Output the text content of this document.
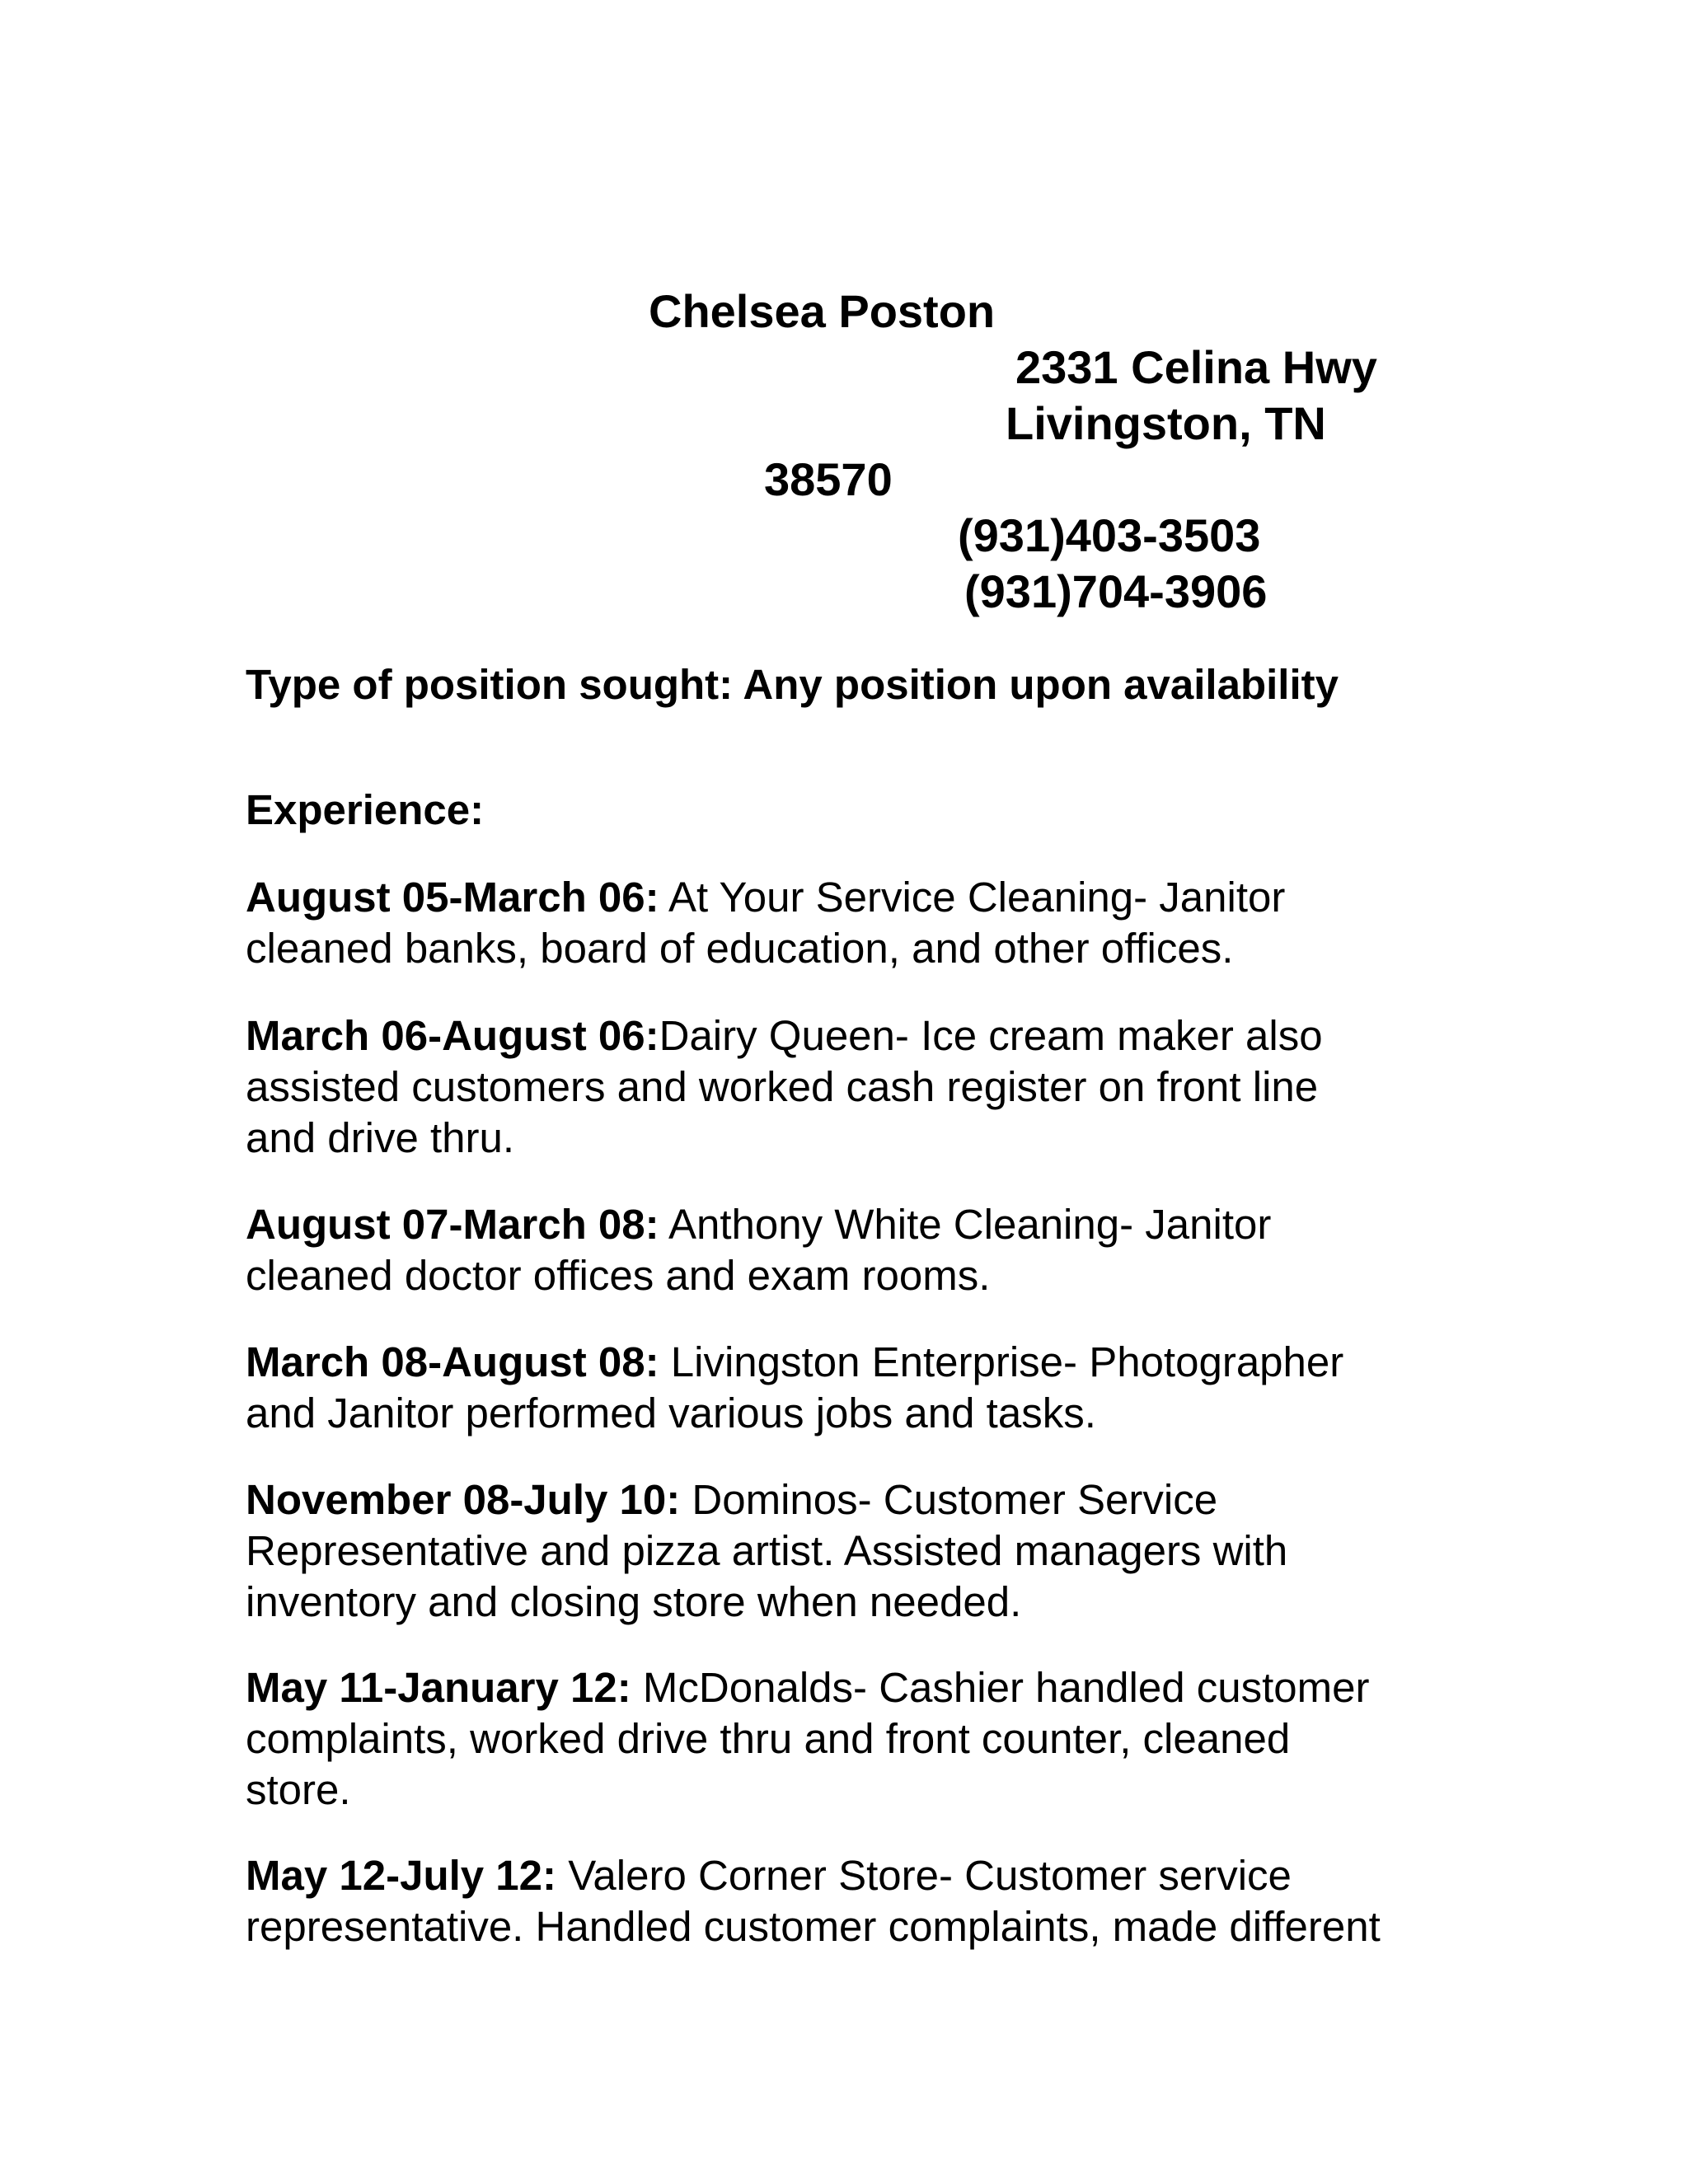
Chelsea Poston
2331 Celina Hwy
Livingston, TN
38570
(931)403-3503
(931)704-3906
Type of position sought: Any position upon availability
Experience:
August 05-March 06: At Your Service Cleaning- Janitor
cleaned banks, board of education, and other offices.
March 06-August 06:Dairy Queen- Ice cream maker also
assisted customers and worked cash register on front line
and drive thru.
August 07-March 08: Anthony White Cleaning- Janitor
cleaned doctor offices and exam rooms.
March 08-August 08: Livingston Enterprise- Photographer
and Janitor performed various jobs and tasks.
November 08-July 10: Dominos- Customer Service
Representative and pizza artist. Assisted managers with
inventory and closing store when needed.
May 11-January 12: McDonalds- Cashier handled customer
complaints, worked drive thru and front counter, cleaned
store.
May 12-July 12: Valero Corner Store- Customer service
representative. Handled customer complaints, made different
